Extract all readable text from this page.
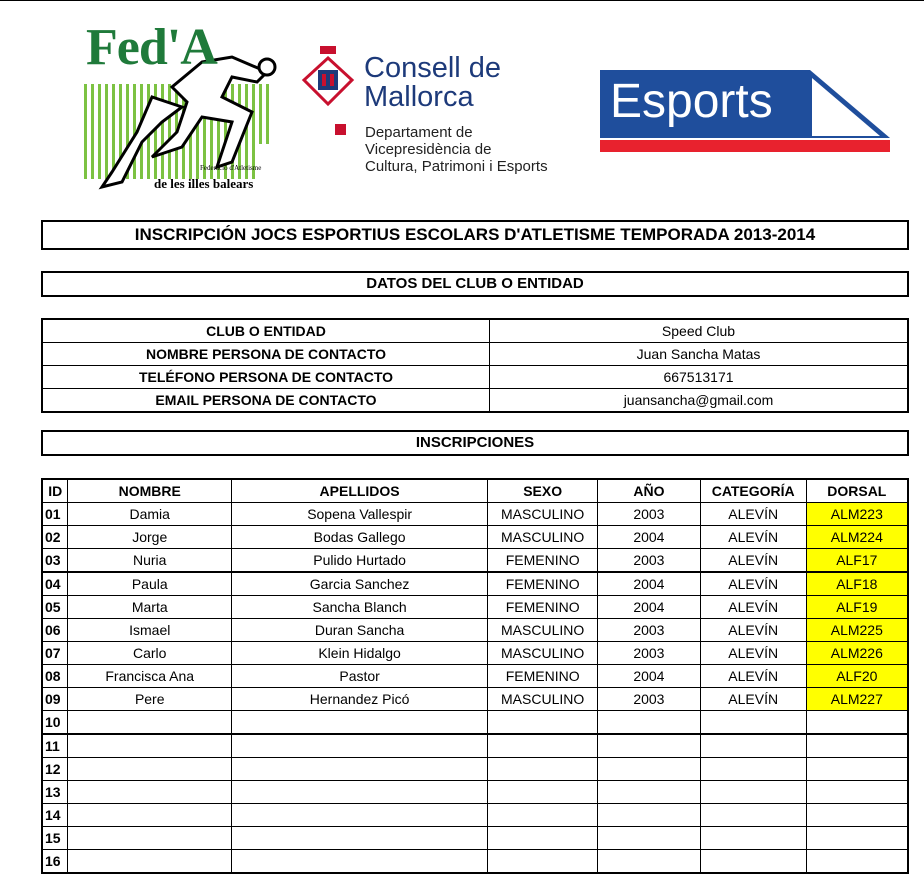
Fed'A
Federació d'Atletisme
de les illes balears
Consell de
Mallorca
Departament de
Vicepresidència de
Cultura, Patrimoni i Esports
Esports
INSCRIPCIÓN JOCS ESPORTIUS ESCOLARS D'ATLETISME TEMPORADA 2013-2014
DATOS DEL CLUB O ENTIDAD
CLUB O ENTIDAD	Speed Club
NOMBRE PERSONA DE CONTACTO	Juan Sancha Matas
TELÉFONO PERSONA DE CONTACTO	667513171
EMAIL PERSONA DE CONTACTO	juansancha@gmail.com
INSCRIPCIONES
ID	NOMBRE	APELLIDOS	SEXO	AÑO	CATEGORÍA	DORSAL
01	Damia	Sopena Vallespir	MASCULINO	2003	ALEVÍN	ALM223
02	Jorge	Bodas Gallego	MASCULINO	2004	ALEVÍN	ALM224
03	Nuria	Pulido Hurtado	FEMENINO	2003	ALEVÍN	ALF17
04	Paula	Garcia Sanchez	FEMENINO	2004	ALEVÍN	ALF18
05	Marta	Sancha Blanch	FEMENINO	2004	ALEVÍN	ALF19
06	Ismael	Duran Sancha	MASCULINO	2003	ALEVÍN	ALM225
07	Carlo	Klein Hidalgo	MASCULINO	2003	ALEVÍN	ALM226
08	Francisca Ana	Pastor	FEMENINO	2004	ALEVÍN	ALF20
09	Pere	Hernandez Picó	MASCULINO	2003	ALEVÍN	ALM227
10						
11						
12						
13						
14						
15						
16						
